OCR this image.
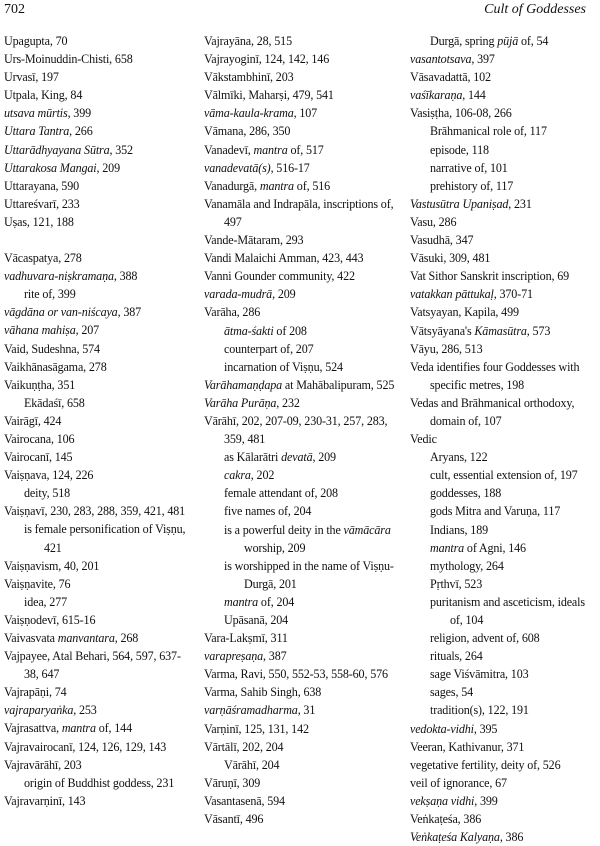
702	Cult of Goddesses

Upagupta, 70

Urs-Moinuddin-Chisti, 658

Urvasī, 197

Utpala, King, 84

utsava mūrtis, 399

Uttara Tantra, 266

Uttarādhyayana Sūtra, 352

Uttarakosa Mangai, 209

Uttarayana, 590

Uttareśvarī, 233

Uṣas, 121, 188

Vācaspatya, 278

vadhuvara-niṣkramaṇa, 388

rite of, 399

vāgdāna or van-niścaya, 387

vāhana mahiṣa, 207

Vaid, Sudeshna, 574

Vaikhānasāgama, 278

Vaikuṇṭha, 351

Ekādaśī, 658

Vairāgī, 424

Vairocana, 106

Vairocanī, 145

Vaiṣṇava, 124, 226

deity, 518

Vaiṣṇavī, 230, 283, 288, 359, 421, 481

is female personification of Viṣṇu, 421

Vaiṣṇavism, 40, 201

Vaiṣṇavite, 76

idea, 277

Vaiṣṇodevī, 615-16

Vaivasvata manvantara, 268

Vajpayee, Atal Behari, 564, 597, 637-38, 647

Vajrapāṇi, 74

vajraparyaṅka, 253

Vajrasattva, mantra of, 144

Vajravairocanī, 124, 126, 129, 143

Vajravārāhī, 203

origin of Buddhist goddess, 231

Vajravarṇinī, 143

Vajrayāna, 28, 515

Vajrayoginī, 124, 142, 146

Vākstambhinī, 203

Vālmīki, Maharṣi, 479, 541

vāma-kaula-krama, 107

Vāmana, 286, 350

Vanadevī, mantra of, 517

vanadevatā(s), 516-17

Vanadurgā, mantra of, 516

Vanamāla and Indrapāla, inscriptions of, 497

Vande-Mātaram, 293

Vandi Malaichi Amman, 423, 443

Vanni Gounder community, 422

varada-mudrā, 209

Varāha, 286

ātma-śakti of 208

counterpart of, 207

incarnation of Viṣṇu, 524

Varāhamaṇḍapa at Mahābalipuram, 525

Varāha Purāṇa, 232

Vārāhī, 202, 207-09, 230-31, 257, 283, 359, 481

as Kālarātri devatā, 209

cakra, 202

female attendant of, 208

five names of, 204

is a powerful deity in the vāmācāra worship, 209

is worshipped in the name of Viṣṇu-Durgā, 201

mantra of, 204

Upāsanā, 204

Vara-Lakṣmī, 311

varapreṣaṇa, 387

Varma, Ravi, 550, 552-53, 558-60, 576

Varma, Sahib Singh, 638

varṇāśramadharma, 31

Varṇinī, 125, 131, 142

Vārtālī, 202, 204

Vārāhī, 204

Vāruṇī, 309

Vasantasenā, 594

Vāsantī, 496

Durgā, spring pūjā of, 54

vasantotsava, 397

Vāsavadattā, 102

vaśīkaraṇa, 144

Vasiṣṭha, 106-08, 266

Brāhmanical role of, 117

episode, 118

narrative of, 101

prehistory of, 117

Vastusūtra Upaniṣad, 231

Vasu, 286

Vasudhā, 347

Vāsuki, 309, 481

Vat Sithor Sanskrit inscription, 69

vatakkan pāttukaḷ, 370-71

Vatsyayan, Kapila, 499

Vātsyāyana's Kāmasūtra, 573

Vāyu, 286, 513

Veda identifies four Goddesses with specific metres, 198

Vedas and Brāhmanical orthodoxy, domain of, 107

Vedic

Aryans, 122

cult, essential extension of, 197

goddesses, 188

gods Mitra and Varuṇa, 117

Indians, 189

mantra of Agni, 146

mythology, 264

Pṛthvī, 523

puritanism and asceticism, ideals of, 104

religion, advent of, 608

rituals, 264

sage Viśvāmitra, 103

sages, 54

tradition(s), 122, 191

vedokta-vidhi, 395

Veeran, Kathivanur, 371

vegetative fertility, deity of, 526

veil of ignorance, 67

vekṣaṇa vidhi, 399

Veṅkaṭeśa, 386

Veṅkaṭeśa Kalyaṇa, 386
